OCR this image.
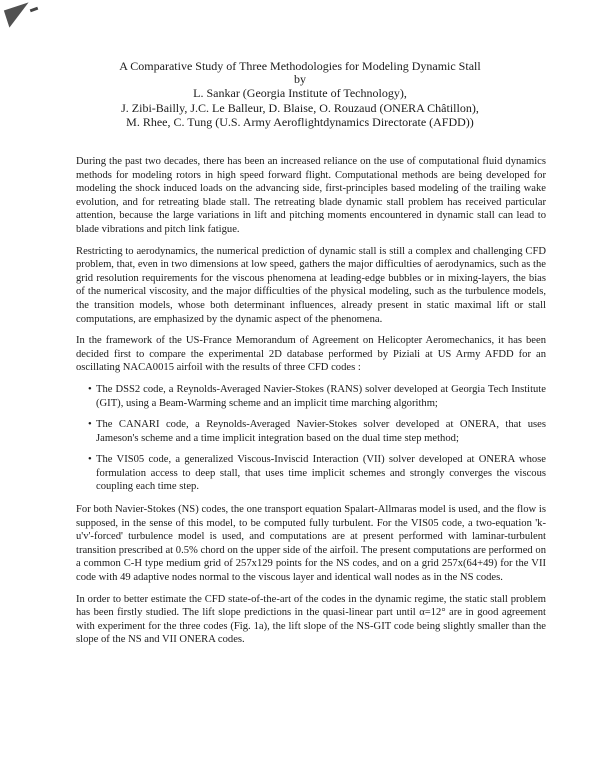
A Comparative Study of Three Methodologies for Modeling Dynamic Stall
by
L. Sankar (Georgia Institute of Technology),
J. Zibi-Bailly, J.C. Le Balleur, D. Blaise, O. Rouzaud (ONERA Châtillon),
M. Rhee, C. Tung (U.S. Army Aeroflightdynamics Directorate (AFDD))

During the past two decades, there has been an increased reliance on the use of computational fluid dynamics methods for modeling rotors in high speed forward flight. Computational methods are being developed for modeling the shock induced loads on the advancing side, first-principles based modeling of the trailing wake evolution, and for retreating blade stall. The retreating blade dynamic stall problem has received particular attention, because the large variations in lift and pitching moments encountered in dynamic stall can lead to blade vibrations and pitch link fatigue.

Restricting to aerodynamics, the numerical prediction of dynamic stall is still a complex and challenging CFD problem, that, even in two dimensions at low speed, gathers the major difficulties of aerodynamics, such as the grid resolution requirements for the viscous phenomena at leading-edge bubbles or in mixing-layers, the bias of the numerical viscosity, and the major difficulties of the physical modeling, such as the turbulence models, the transition models, whose both determinant influences, already present in static maximal lift or stall computations, are emphasized by the dynamic aspect of the phenomena.

In the framework of the US-France Memorandum of Agreement on Helicopter Aeromechanics, it has been decided first to compare the experimental 2D database performed by Piziali at US Army AFDD for an oscillating NACA0015 airfoil with the results of three CFD codes :

• The DSS2 code, a Reynolds-Averaged Navier-Stokes (RANS) solver developed at Georgia Tech Institute (GIT), using a Beam-Warming scheme and an implicit time marching algorithm;
• The CANARI code, a Reynolds-Averaged Navier-Stokes solver developed at ONERA, that uses Jameson's scheme and a time implicit integration based on the dual time step method;
• The VIS05 code, a generalized Viscous-Inviscid Interaction (VII) solver developed at ONERA whose formulation access to deep stall, that uses time implicit schemes and strongly converges the viscous coupling each time step.

For both Navier-Stokes (NS) codes, the one transport equation Spalart-Allmaras model is used, and the flow is supposed, in the sense of this model, to be computed fully turbulent. For the VIS05 code, a two-equation 'k-u'v'-forced' turbulence model is used, and computations are at present performed with laminar-turbulent transition prescribed at 0.5% chord on the upper side of the airfoil. The present computations are performed on a common C-H type medium grid of 257x129 points for the NS codes, and on a grid 257x(64+49) for the VII code with 49 adaptive nodes normal to the viscous layer and identical wall nodes as in the NS codes.

In order to better estimate the CFD state-of-the-art of the codes in the dynamic regime, the static stall problem has been firstly studied. The lift slope predictions in the quasi-linear part until α=12° are in good agreement with experiment for the three codes (Fig. 1a), the lift slope of the NS-GIT code being slightly smaller than the slope of the NS and VII ONERA codes.
